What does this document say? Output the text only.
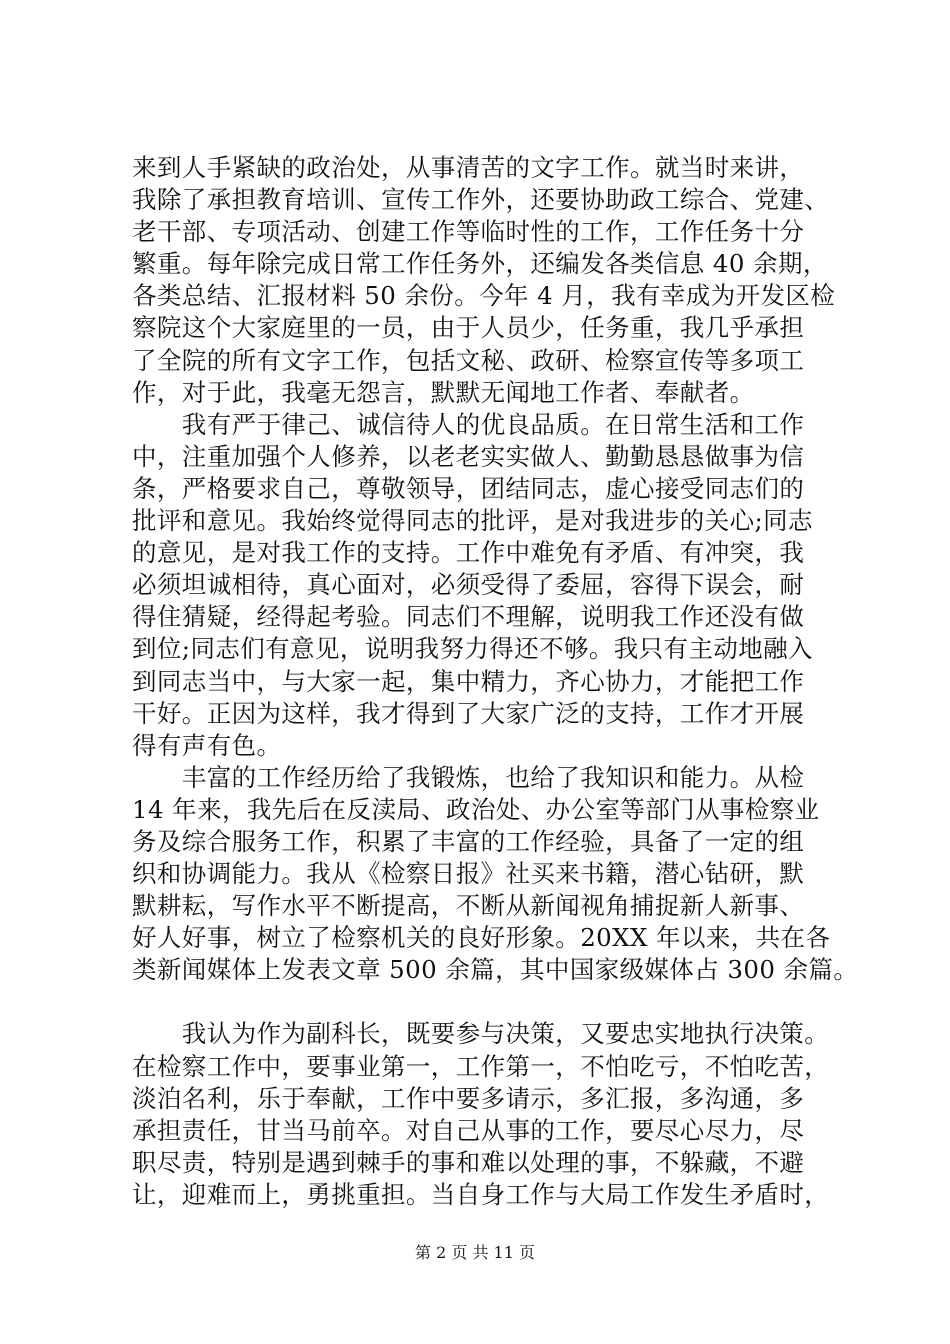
来到人手紧缺的政治处，从事清苦的文字工作。就当时来讲，
我除了承担教育培训、宣传工作外，还要协助政工综合、党建、
老干部、专项活动、创建工作等临时性的工作，工作任务十分
繁重。每年除完成日常工作任务外，还编发各类信息 40 余期，
各类总结、汇报材料 50 余份。今年 4 月，我有幸成为开发区检
察院这个大家庭里的一员，由于人员少，任务重，我几乎承担
了全院的所有文字工作，包括文秘、政研、检察宣传等多项工
作，对于此，我毫无怨言，默默无闻地工作者、奉献者。
　　我有严于律己、诚信待人的优良品质。在日常生活和工作
中，注重加强个人修养，以老老实实做人、勤勤恳恳做事为信
条，严格要求自己，尊敬领导，团结同志，虚心接受同志们的
批评和意见。我始终觉得同志的批评，是对我进步的关心;同志
的意见，是对我工作的支持。工作中难免有矛盾、有冲突，我
必须坦诚相待，真心面对，必须受得了委屈，容得下误会，耐
得住猜疑，经得起考验。同志们不理解，说明我工作还没有做
到位;同志们有意见，说明我努力得还不够。我只有主动地融入
到同志当中，与大家一起，集中精力，齐心协力，才能把工作
干好。正因为这样，我才得到了大家广泛的支持，工作才开展
得有声有色。
　　丰富的工作经历给了我锻炼，也给了我知识和能力。从检
14 年来，我先后在反渎局、政治处、办公室等部门从事检察业
务及综合服务工作，积累了丰富的工作经验，具备了一定的组
织和协调能力。我从《检察日报》社买来书籍，潜心钻研，默
默耕耘，写作水平不断提高，不断从新闻视角捕捉新人新事、
好人好事，树立了检察机关的良好形象。20XX 年以来，共在各
类新闻媒体上发表文章 500 余篇，其中国家级媒体占 300 余篇。
　　我认为作为副科长，既要参与决策，又要忠实地执行决策。
在检察工作中，要事业第一，工作第一，不怕吃亏，不怕吃苦，
淡泊名利，乐于奉献，工作中要多请示，多汇报，多沟通，多
承担责任，甘当马前卒。对自己从事的工作，要尽心尽力，尽
职尽责，特别是遇到棘手的事和难以处理的事，不躲藏，不避
让，迎难而上，勇挑重担。当自身工作与大局工作发生矛盾时，
第 2 页 共 11 页
